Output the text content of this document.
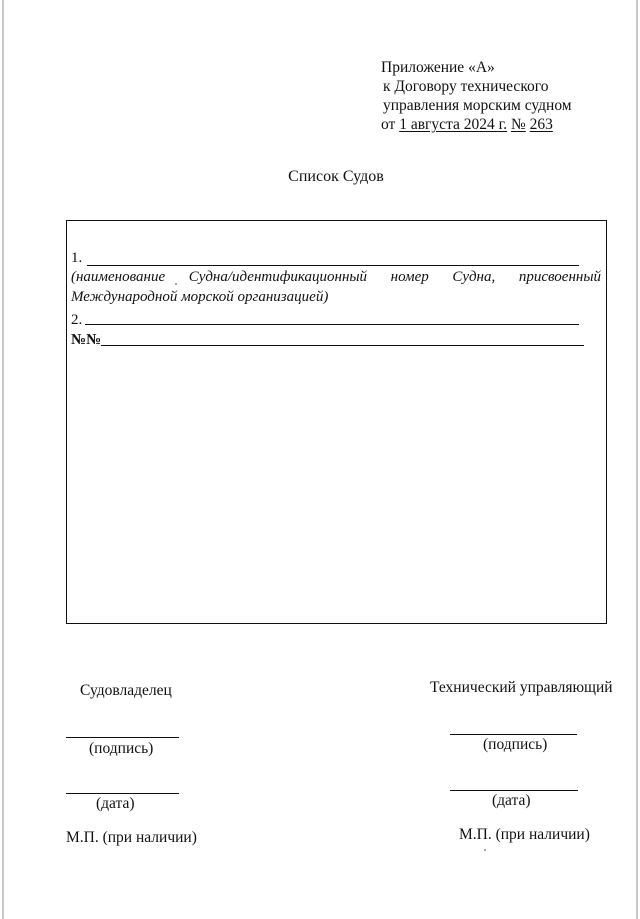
Приложение «А»
к Договору технического
управления морским судном
от 1 августа 2024 г. № 263
Список Судов
1.
(наименование Судна/идентификационный номер Судна, присвоенный
Международной морской организацией)
2.
№№
Судовладелец
(подпись)
(дата)
М.П. (при наличии)
Технический управляющий
(подпись)
(дата)
М.П. (при наличии)
